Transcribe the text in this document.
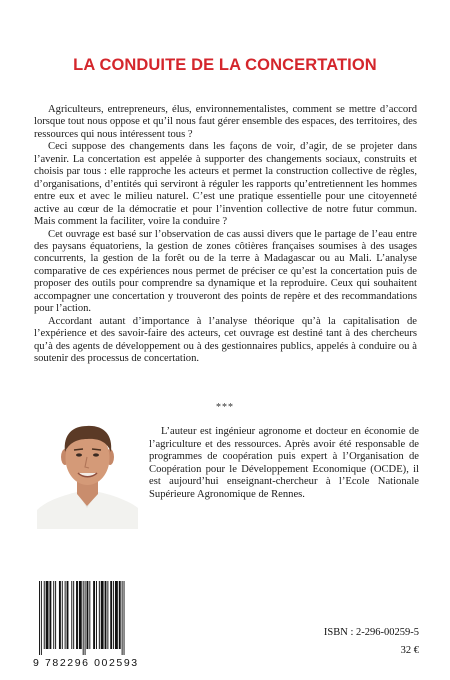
LA CONDUITE DE LA CONCERTATION

Agriculteurs, entrepreneurs, élus, environnementalistes, comment se mettre d’accord lorsque tout nous oppose et qu’il nous faut gérer ensemble des espaces, des territoires, des ressources qui nous intéressent tous ?

Ceci suppose des changements dans les façons de voir, d’agir, de se projeter dans l’avenir. La concertation est appelée à supporter des changements sociaux, construits et choisis par tous : elle rapproche les acteurs et permet la construction collective de règles, d’organisations, d’entités qui serviront à réguler les rapports qu’entretiennent les hommes entre eux et avec le milieu naturel. C’est une pratique essentielle pour une citoyenneté active au cœur de la démocratie et pour l’invention collective de notre futur commun. Mais comment la faciliter, voire la conduire ?

Cet ouvrage est basé sur l’observation de cas aussi divers que le partage de l’eau entre des paysans équatoriens, la gestion de zones côtières françaises soumises à des usages concurrents, la gestion de la forêt ou de la terre à Madagascar ou au Mali. L’analyse comparative de ces expériences nous permet de préciser ce qu’est la concertation puis de proposer des outils pour comprendre sa dynamique et la reproduire. Ceux qui souhaitent accompagner une concertation y trouveront des points de repère et des recommandations pour l’action.

Accordant autant d’importance à l’analyse théorique qu’à la capitalisation de l’expérience et des savoir-faire des acteurs, cet ouvrage est destiné tant à des chercheurs qu’à des agents de développement ou à des gestionnaires publics, appelés à conduire ou à soutenir des processus de concertation.

***

L’auteur est ingénieur agronome et docteur en économie de l’agriculture et des ressources. Après avoir été responsable de programmes de coopération puis expert à l’Organisation de Coopération pour le Développement Economique (OCDE), il est aujourd’hui enseignant-chercheur à l’Ecole Nationale Supérieure Agronomique de Rennes.

9 782296 002593
ISBN : 2-296-00259-5
32 €
